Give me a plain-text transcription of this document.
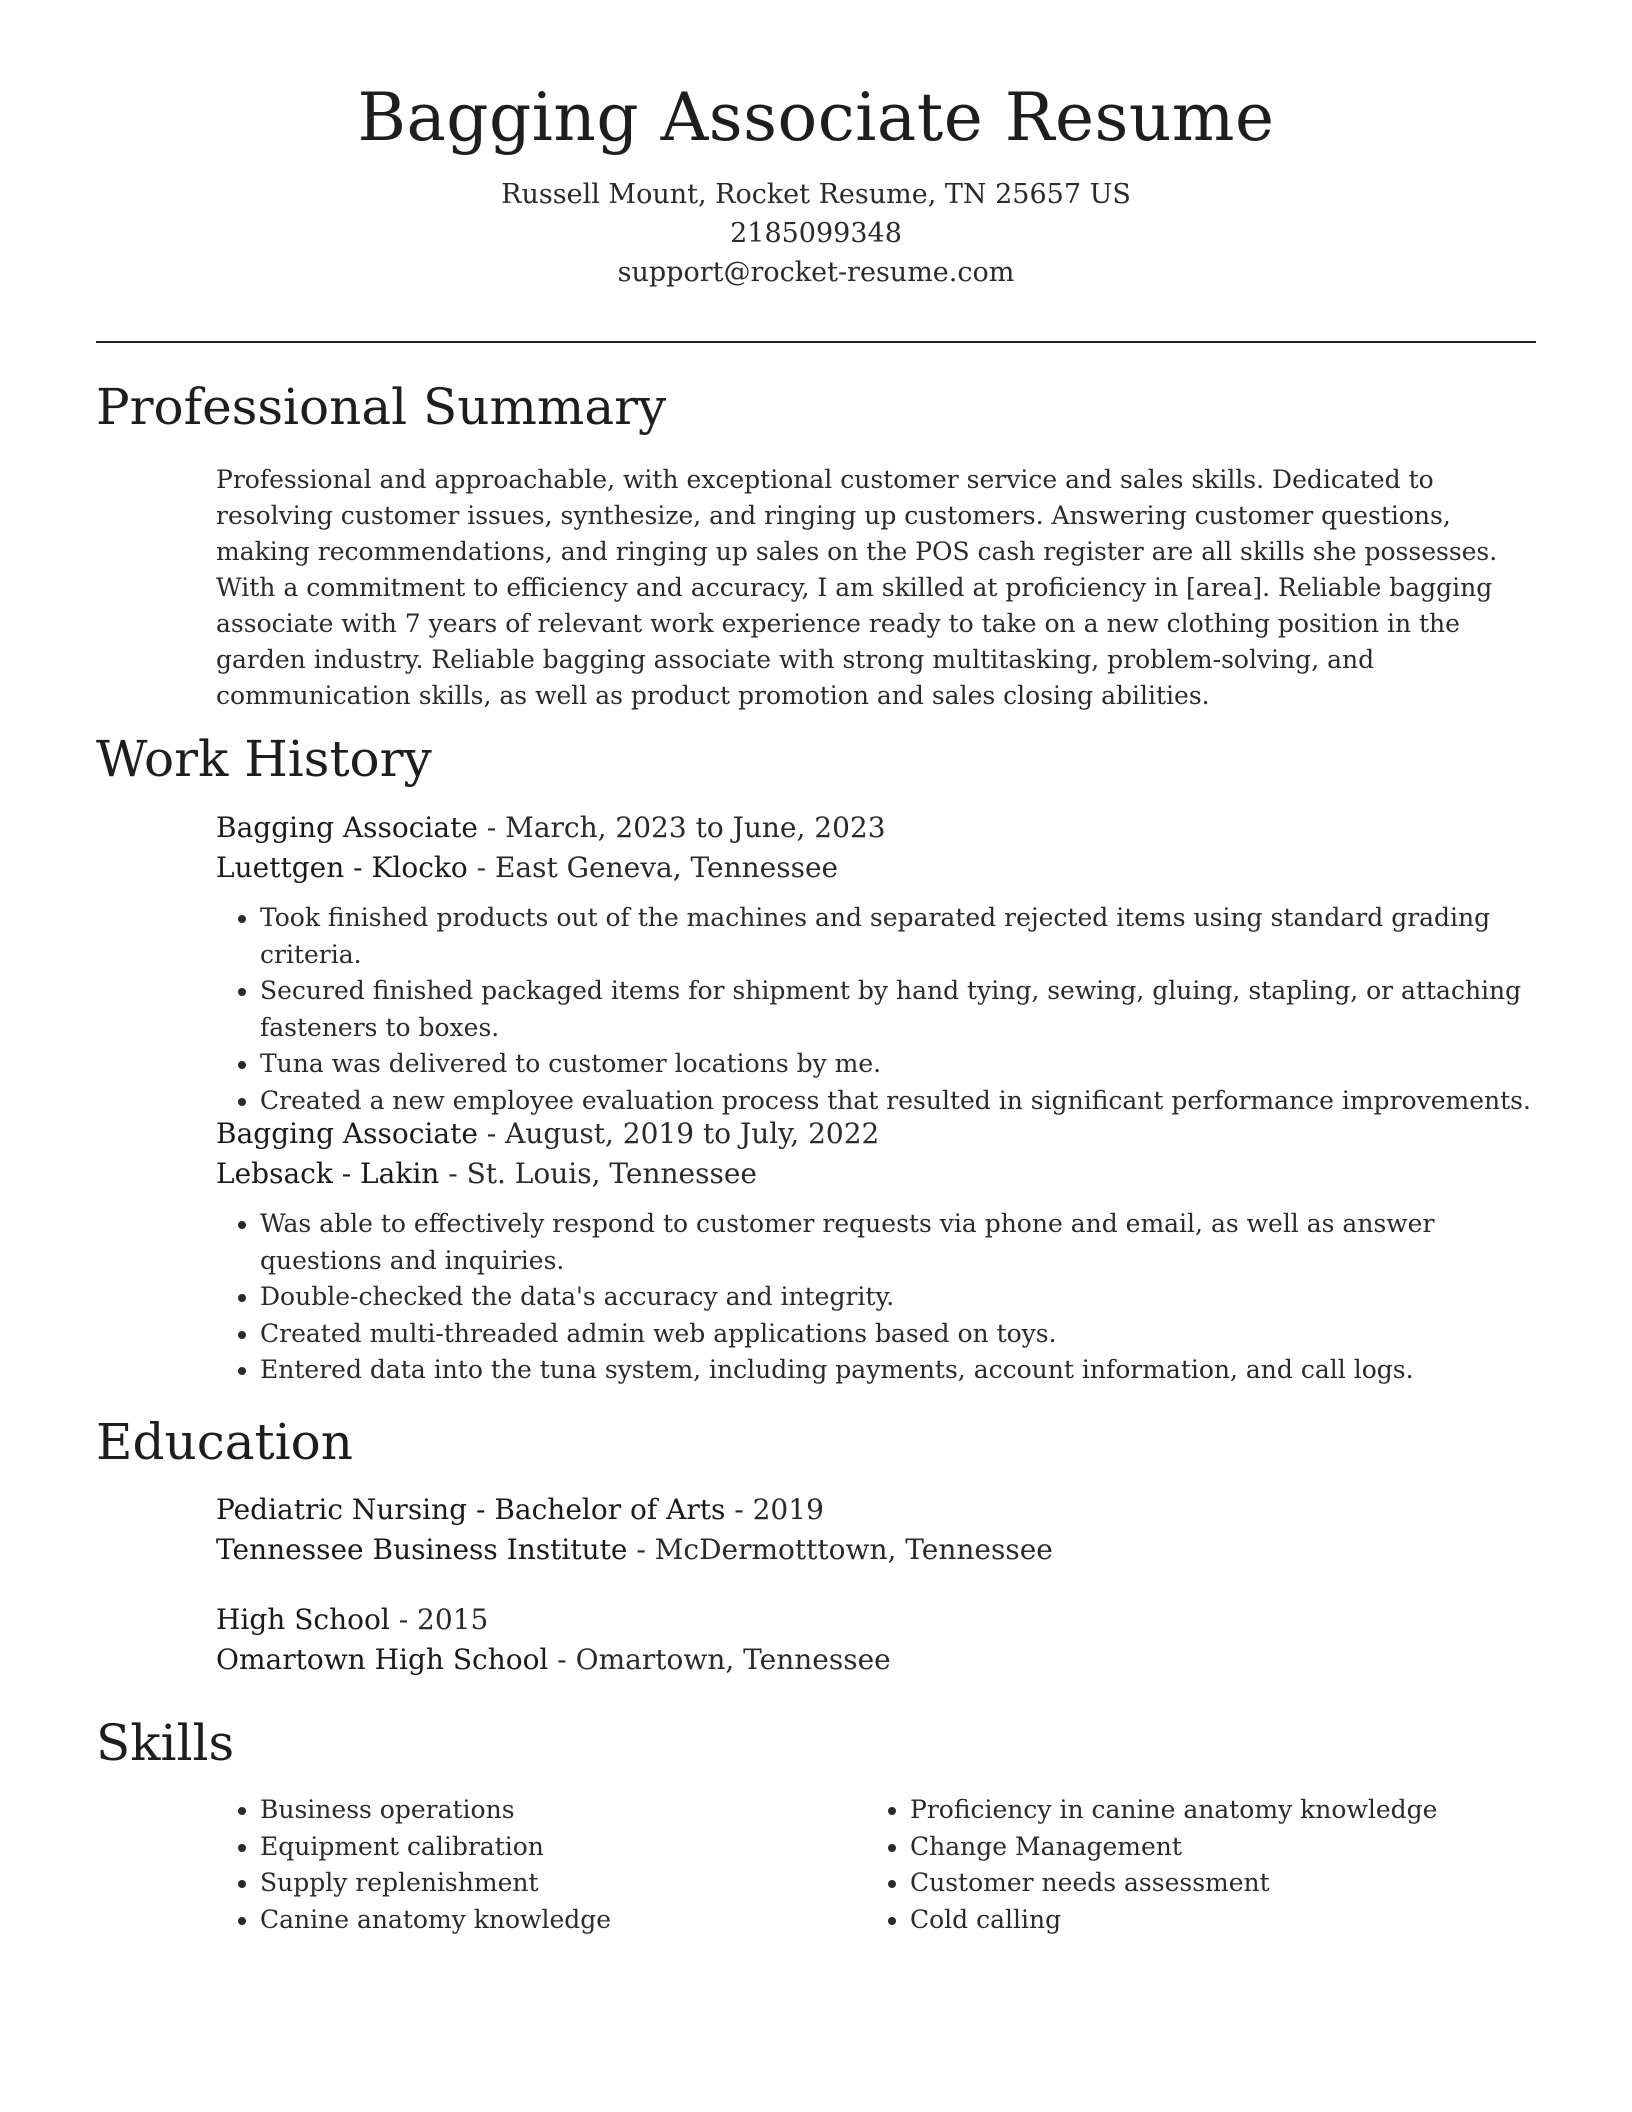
Bagging Associate Resume
Russell Mount, Rocket Resume, TN 25657 US
2185099348
support@rocket-resume.com
Professional Summary
Professional and approachable, with exceptional customer service and sales skills. Dedicated to resolving customer issues, synthesize, and ringing up customers. Answering customer questions, making recommendations, and ringing up sales on the POS cash register are all skills she possesses. With a commitment to efficiency and accuracy, I am skilled at proficiency in [area]. Reliable bagging associate with 7 years of relevant work experience ready to take on a new clothing position in the garden industry. Reliable bagging associate with strong multitasking, problem-solving, and communication skills, as well as product promotion and sales closing abilities.
Work History
Bagging Associate - March, 2023 to June, 2023
Luettgen - Klocko - East Geneva, Tennessee
• Took finished products out of the machines and separated rejected items using standard grading criteria.
• Secured finished packaged items for shipment by hand tying, sewing, gluing, stapling, or attaching fasteners to boxes.
• Tuna was delivered to customer locations by me.
• Created a new employee evaluation process that resulted in significant performance improvements.
Bagging Associate - August, 2019 to July, 2022
Lebsack - Lakin - St. Louis, Tennessee
• Was able to effectively respond to customer requests via phone and email, as well as answer questions and inquiries.
• Double-checked the data's accuracy and integrity.
• Created multi-threaded admin web applications based on toys.
• Entered data into the tuna system, including payments, account information, and call logs.
Education
Pediatric Nursing - Bachelor of Arts - 2019
Tennessee Business Institute - McDermotttown, Tennessee
High School - 2015
Omartown High School - Omartown, Tennessee
Skills
• Business operations
• Equipment calibration
• Supply replenishment
• Canine anatomy knowledge
• Proficiency in canine anatomy knowledge
• Change Management
• Customer needs assessment
• Cold calling
